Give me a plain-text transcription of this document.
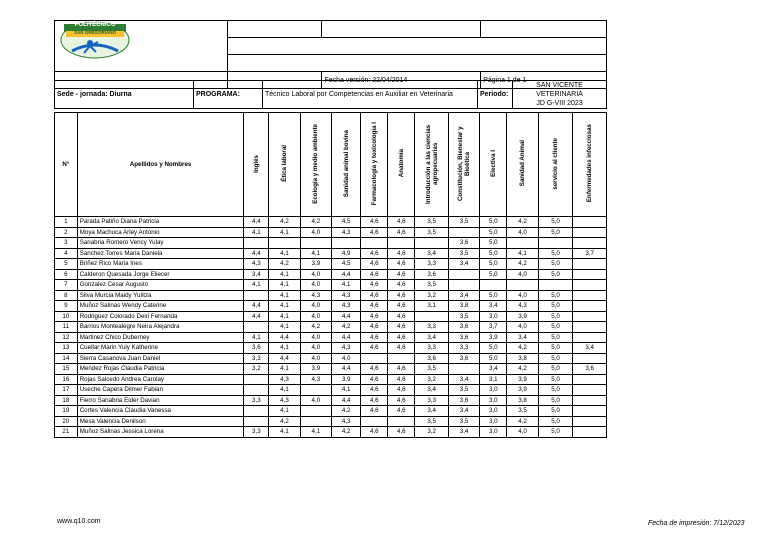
		Fecha versión: 22/04/2014	Página 1 de 1
POLITÉCNICO
SAN GREGORIANO
Sede - jornada: Diurna	PROGRAMA:	Técnico Laboral por Competencias en Auxiliar en Veterinaria	Periodo:	
SAN VICENTE VETERINARIA
JD G-VIII 2023
N°	Apellidos y Nombres	Inglés	Ética laboral	Ecología y medio ambiente	Sanidad animal bovina	Farmacología y toxicología I	Anatomía	Introducción a las ciencias agropecuarias	Constitución, Bienestar y Bioética	Electiva I	Sanidad Animal	servicio al cliente	Enfermedades infecciosas
1	Parada Patiño Diana Patricia	4,4	4,2	4,2	4,5	4,6	4,6	3,5	3,5	5,0	4,2	5,0	
2	Moya Machuca Arley Antonio	4,1	4,1	4,0	4,3	4,6	4,6	3,5		5,0	4,0	5,0	
3	Sanabria Romero Vency Yulay								3,6	5,0			
4	Sanchez Torres Maria Daniela	4,4	4,1	4,1	4,9	4,6	4,6	3,4	3,5	5,0	4,1	5,0	3,7
5	Briñez Rico Maria Ines	4,3	4,2	3,9	4,5	4,6	4,6	3,3	3,4	5,0	4,2	5,0	
6	Calderon Quesada Jorge Eliecer	3,4	4,1	4,0	4,4	4,6	4,6	3,6		5,0	4,0	5,0	
7	Gonzalez Cesar Augusto	4,1	4,1	4,0	4,1	4,6	4,6	3,5					
8	Silva Murcia Maidy Yulitza		4,1	4,3	4,3	4,6	4,6	3,2	3,4	5,0	4,0	5,0	
9	Muñoz Salinas Wendy Caterine	4,4	4,1	4,0	4,3	4,6	4,6	3,1	3,8	3,4	4,3	5,0	
10	Rodriguez Colorado Deiri Fernanda	4,4	4,1	4,0	4,4	4,6	4,6		3,5	3,0	3,9	5,0	
11	Barrios Montealegre Neira Alejandra		4,1	4,2	4,2	4,6	4,6	3,3	3,6	3,7	4,0	5,0	
12	Martinez Chico Duberney	4,1	4,4	4,0	4,4	4,6	4,6	3,4	3,6	3,9	3,4	5,0	
13	Cuellar Marin Yuly Katherine	3,6	4,1	4,0	4,3	4,6	4,6	3,3	3,3	5,0	4,2	5,0	3,4
14	Sierra Casanova Juan Daniel	3,3	4,4	4,0	4,0			3,6	3,6	5,0	3,8	5,0	
15	Mendez Rojas Claudia Patricia	3,2	4,1	3,9	4,4	4,6	4,6	3,5		3,4	4,2	5,0	3,6
16	Rojas Salcedo Andrea Carolay		4,3	4,3	3,9	4,6	4,6	3,2	3,4	3,1	3,9	5,0	
17	Useche Capera Dilmer Fabian		4,1		4,1	4,6	4,6	3,4	3,5	3,0	3,9	5,0	
18	Fierro Sanabria Eider Davian	3,3	4,3	4,0	4,4	4,6	4,6	3,3	3,6	3,0	3,8	5,0	
19	Cortes Valencia Claudia Vanessa		4,1		4,2	4,6	4,6	3,4	3,4	3,0	3,5	5,0	
20	Mesa Valencia Denilson		4,2		4,3			3,5	3,5	3,0	4,2	5,0	
21	Muñoz Salinas Jessica Lorena	3,3	4,1	4,1	4,2	4,6	4,6	3,2	3,4	3,0	4,0	5,0	
www.q10.com	Fecha de impresión: 7/12/2023
